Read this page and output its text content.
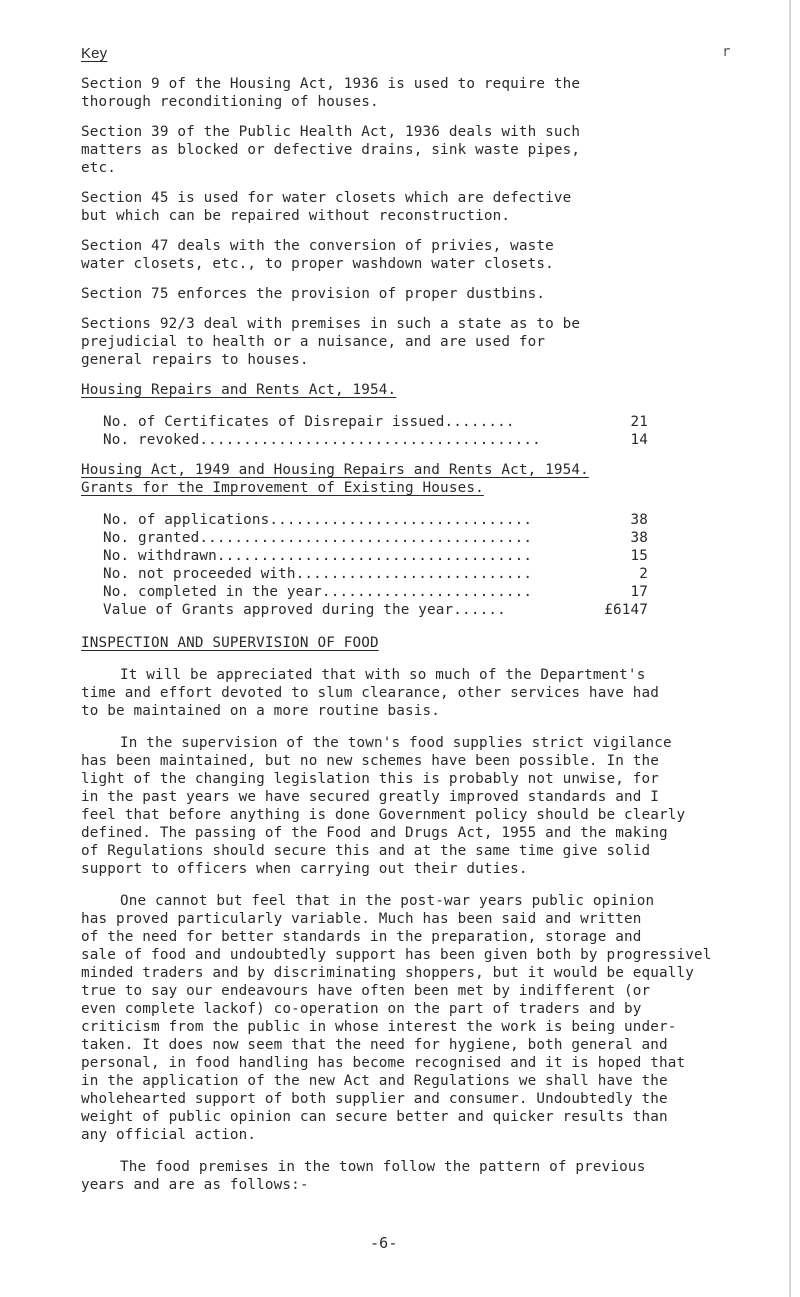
r
Key
Section 9 of the Housing Act, 1936 is used to require the
thorough reconditioning of houses.
Section 39 of the Public Health Act, 1936 deals with such
matters as blocked or defective drains, sink waste pipes,
etc.
Section 45 is used for water closets which are defective
but which can be repaired without reconstruction.
Section 47 deals with the conversion of privies, waste
water closets, etc., to proper washdown water closets.
Section 75 enforces the provision of proper dustbins.
Sections 92/3 deal with premises in such a state as to be
prejudicial to health or a nuisance, and are used for
general repairs to houses.
Housing Repairs and Rents Act, 1954.
No. of Certificates of Disrepair issued........	21
No. revoked.......................................	14
Housing Act, 1949 and Housing Repairs and Rents Act, 1954.
Grants for the Improvement of Existing Houses.
No. of applications..............................	38
No. granted......................................	38
No. withdrawn....................................	15
No. not proceeded with...........................	2
No. completed in the year........................	17
Value of Grants approved during the year......	£6147
INSPECTION AND SUPERVISION OF FOOD
It will be appreciated that with so much of the Department's
time and effort devoted to slum clearance, other services have had
to be maintained on a more routine basis.
In the supervision of the town's food supplies strict vigilance
has been maintained, but no new schemes have been possible. In the
light of the changing legislation this is probably not unwise, for
in the past years we have secured greatly improved standards and I
feel that before anything is done Government policy should be clearly
defined. The passing of the Food and Drugs Act, 1955 and the making
of Regulations should secure this and at the same time give solid
support to officers when carrying out their duties.
One cannot but feel that in the post-war years public opinion
has proved particularly variable. Much has been said and written
of the need for better standards in the preparation, storage and
sale of food and undoubtedly support has been given both by progressivel
minded traders and by discriminating shoppers, but it would be equally
true to say our endeavours have often been met by indifferent (or
even complete lackof) co-operation on the part of traders and by
criticism from the public in whose interest the work is being under-
taken. It does now seem that the need for hygiene, both general and
personal, in food handling has become recognised and it is hoped that
in the application of the new Act and Regulations we shall have the
wholehearted support of both supplier and consumer. Undoubtedly the
weight of public opinion can secure better and quicker results than
any official action.
The food premises in the town follow the pattern of previous
years and are as follows:-
-6-
